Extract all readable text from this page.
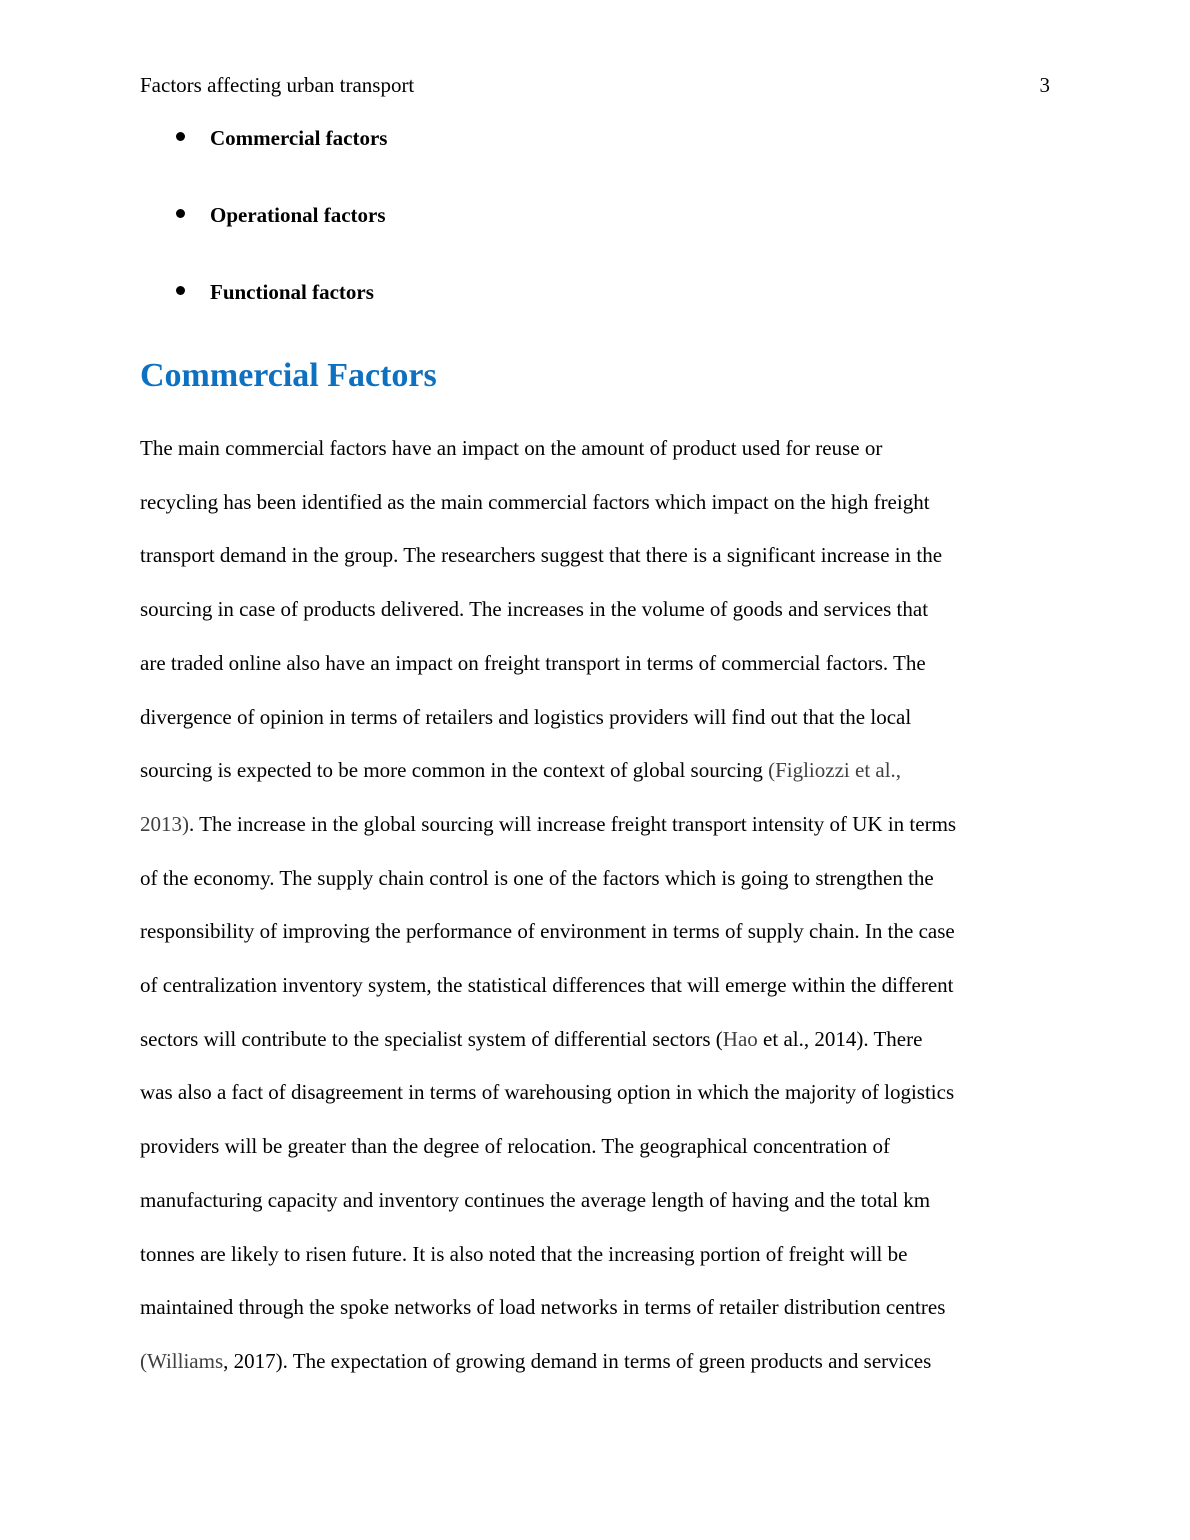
Factors affecting urban transport	3
Commercial factors
Operational factors
Functional factors
Commercial Factors

The main commercial factors have an impact on the amount of product used for reuse or
recycling has been identified as the main commercial factors which impact on the high freight
transport demand in the group. The researchers suggest that there is a significant increase in the
sourcing in case of products delivered. The increases in the volume of goods and services that
are traded online also have an impact on freight transport in terms of commercial factors. The
divergence of opinion in terms of retailers and logistics providers will find out that the local
sourcing is expected to be more common in the context of global sourcing (Figliozzi et al.,
2013). The increase in the global sourcing will increase freight transport intensity of UK in terms
of the economy. The supply chain control is one of the factors which is going to strengthen the
responsibility of improving the performance of environment in terms of supply chain. In the case
of centralization inventory system, the statistical differences that will emerge within the different
sectors will contribute to the specialist system of differential sectors (Hao et al., 2014). There
was also a fact of disagreement in terms of warehousing option in which the majority of logistics
providers will be greater than the degree of relocation. The geographical concentration of
manufacturing capacity and inventory continues the average length of having and the total km
tonnes are likely to risen future. It is also noted that the increasing portion of freight will be
maintained through the spoke networks of load networks in terms of retailer distribution centres
(Williams, 2017). The expectation of growing demand in terms of green products and services
